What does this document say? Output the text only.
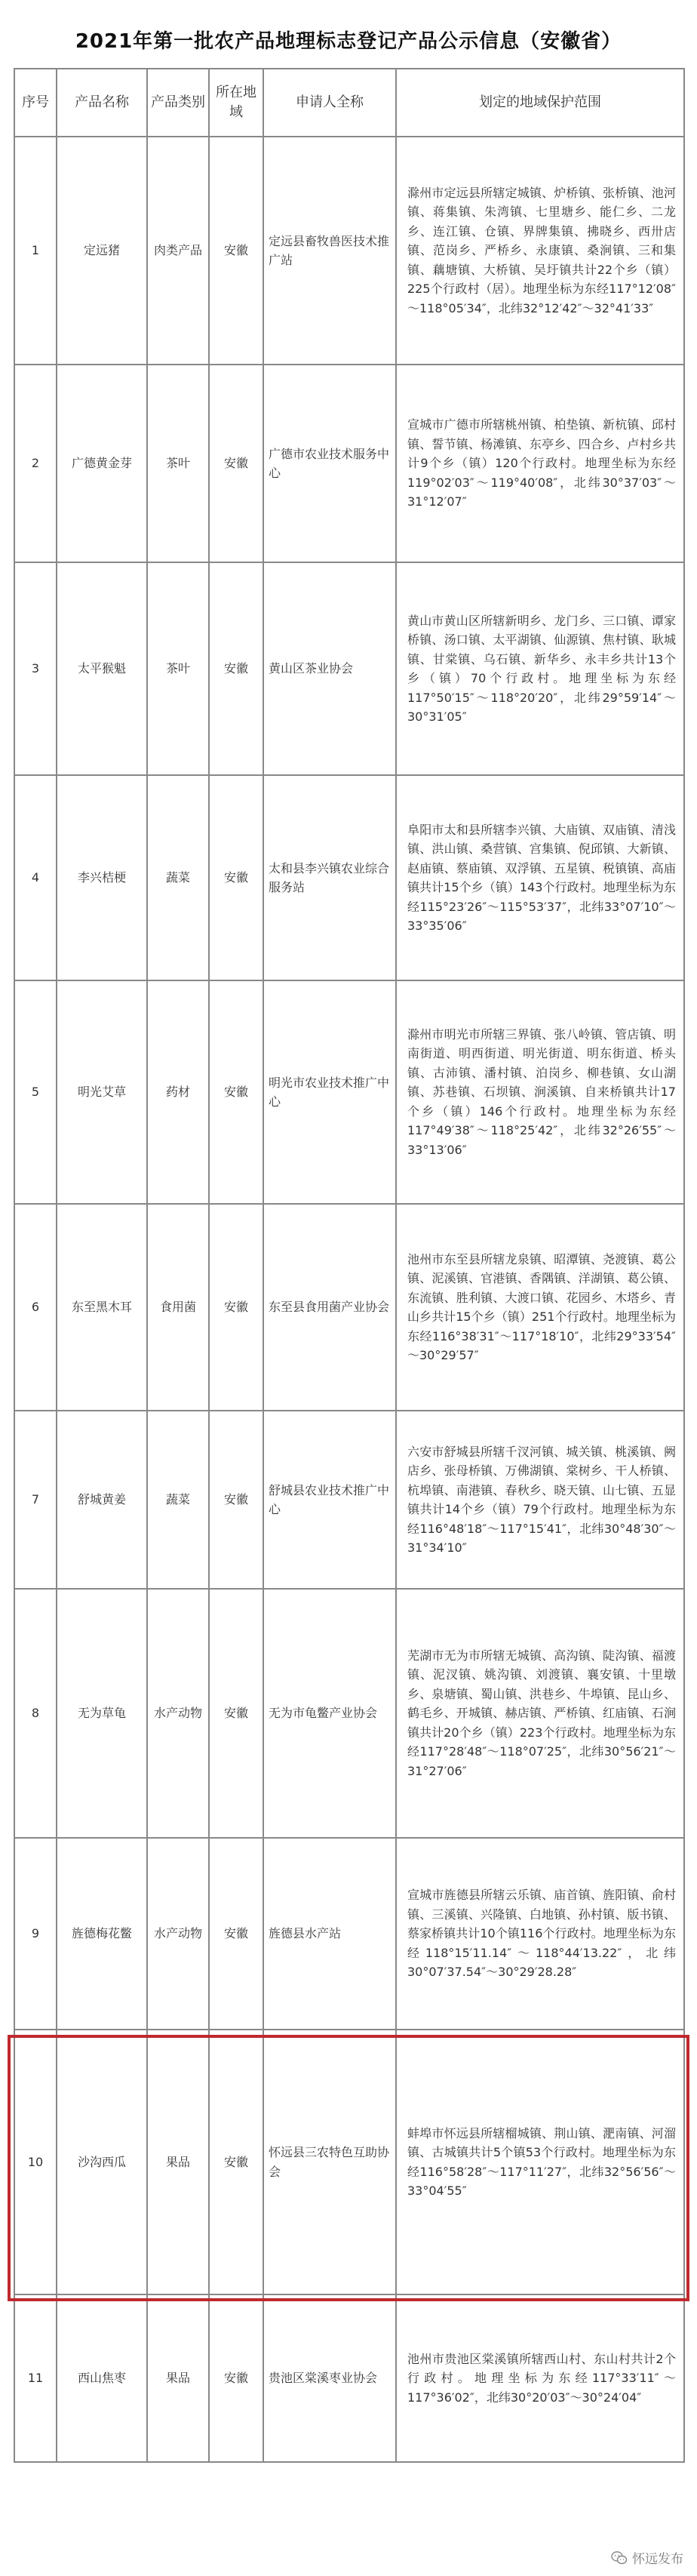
2021年第一批农产品地理标志登记产品公示信息（安徽省）
序号	产品名称	产品类别	所在地域	申请人全称	划定的地域保护范围
1	定远猪	肉类产品	安徽	定远县畜牧兽医技术推广站	滁州市定远县所辖定城镇、炉桥镇、张桥镇、池河镇、蒋集镇、朱湾镇、七里塘乡、能仁乡、二龙乡、连江镇、仓镇、界牌集镇、拂晓乡、西卅店镇、范岗乡、严桥乡、永康镇、桑涧镇、三和集镇、藕塘镇、大桥镇、吴圩镇共计22个乡（镇）225个行政村（居）。地理坐标为东经117°12′08″～118°05′34″，北纬32°12′42″～32°41′33″
2	广德黄金芽	茶叶	安徽	广德市农业技术服务中心	宣城市广德市所辖桃州镇、柏垫镇、新杭镇、邱村镇、誓节镇、杨滩镇、东亭乡、四合乡、卢村乡共计9个乡（镇）120个行政村。地理坐标为东经119°02′03″～119°40′08″，北纬30°37′03″～31°12′07″
3	太平猴魁	茶叶	安徽	黄山区茶业协会	黄山市黄山区所辖新明乡、龙门乡、三口镇、谭家桥镇、汤口镇、太平湖镇、仙源镇、焦村镇、耿城镇、甘棠镇、乌石镇、新华乡、永丰乡共计13个乡（镇）70个行政村。地理坐标为东经117°50′15″～118°20′20″，北纬29°59′14″～30°31′05″
4	李兴桔梗	蔬菜	安徽	太和县李兴镇农业综合服务站	阜阳市太和县所辖李兴镇、大庙镇、双庙镇、清浅镇、洪山镇、桑营镇、宫集镇、倪邱镇、大新镇、赵庙镇、蔡庙镇、双浮镇、五星镇、税镇镇、高庙镇共计15个乡（镇）143个行政村。地理坐标为东经115°23′26″～115°53′37″，北纬33°07′10″～33°35′06″
5	明光艾草	药材	安徽	明光市农业技术推广中心	滁州市明光市所辖三界镇、张八岭镇、管店镇、明南街道、明西街道、明光街道、明东街道、桥头镇、古沛镇、潘村镇、泊岗乡、柳巷镇、女山湖镇、苏巷镇、石坝镇、涧溪镇、自来桥镇共计17个乡（镇）146个行政村。地理坐标为东经117°49′38″～118°25′42″，北纬32°26′55″～33°13′06″
6	东至黑木耳	食用菌	安徽	东至县食用菌产业协会	池州市东至县所辖龙泉镇、昭潭镇、尧渡镇、葛公镇、泥溪镇、官港镇、香隅镇、洋湖镇、葛公镇、东流镇、胜利镇、大渡口镇、花园乡、木塔乡、青山乡共计15个乡（镇）251个行政村。地理坐标为东经116°38′31″～117°18′10″，北纬29°33′54″～30°29′57″
7	舒城黄姜	蔬菜	安徽	舒城县农业技术推广中心	六安市舒城县所辖千汊河镇、城关镇、桃溪镇、阙店乡、张母桥镇、万佛湖镇、棠树乡、干人桥镇、杭埠镇、南港镇、春秋乡、晓天镇、山七镇、五显镇共计14个乡（镇）79个行政村。地理坐标为东经116°48′18″～117°15′41″，北纬30°48′30″～31°34′10″
8	无为草龟	水产动物	安徽	无为市龟鳖产业协会	芜湖市无为市所辖无城镇、高沟镇、陡沟镇、福渡镇、泥汊镇、姚沟镇、刘渡镇、襄安镇、十里墩乡、泉塘镇、蜀山镇、洪巷乡、牛埠镇、昆山乡、鹤毛乡、开城镇、赫店镇、严桥镇、红庙镇、石涧镇共计20个乡（镇）223个行政村。地理坐标为东经117°28′48″～118°07′25″，北纬30°56′21″～31°27′06″
9	旌德梅花鳖	水产动物	安徽	旌德县水产站	宣城市旌德县所辖云乐镇、庙首镇、旌阳镇、俞村镇、三溪镇、兴隆镇、白地镇、孙村镇、版书镇、蔡家桥镇共计10个镇116个行政村。地理坐标为东经118°15′11.14″～118°44′13.22″，北纬30°07′37.54″～30°29′28.28″
10	沙沟西瓜	果品	安徽	怀远县三农特色互助协会	蚌埠市怀远县所辖榴城镇、荆山镇、淝南镇、河溜镇、古城镇共计5个镇53个行政村。地理坐标为东经116°58′28″～117°11′27″，北纬32°56′56″～33°04′55″
11	西山焦枣	果品	安徽	贵池区棠溪枣业协会	池州市贵池区棠溪镇所辖西山村、东山村共计2个行政村。地理坐标为东经117°33′11″～117°36′02″，北纬30°20′03″～30°24′04″
怀远发布
